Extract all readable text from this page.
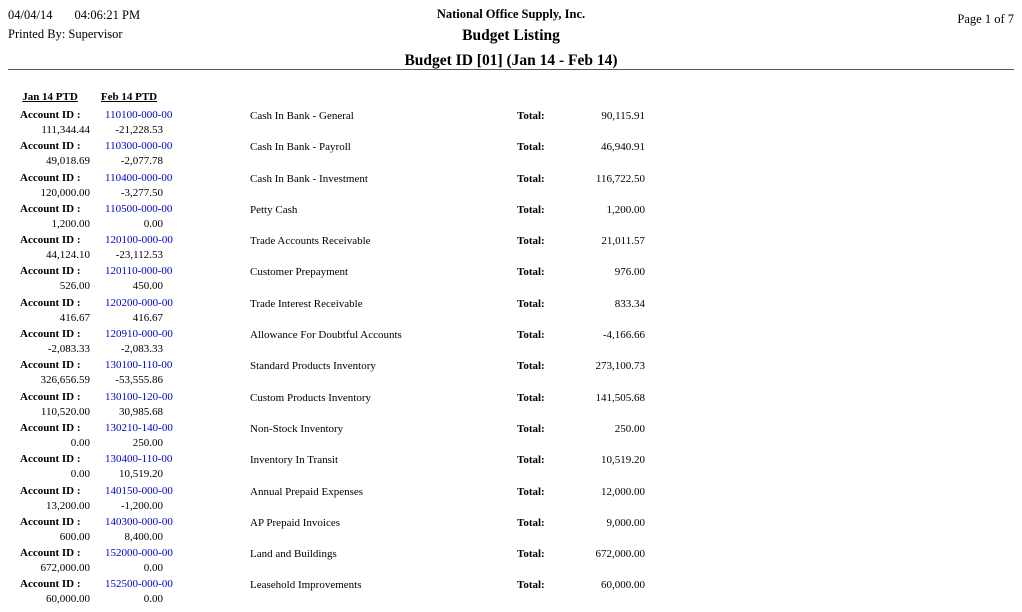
04/04/14 04:06:21 PM
Printed By: Supervisor
National Office Supply, Inc.
Budget Listing
Budget ID [01] (Jan 14 - Feb 14)
Page 1 of 7
Jan 14 PTD	Feb 14 PTD
Account ID : 110100-000-00
111,344.44	-21,228.53
Cash In Bank - General	Total:	90,115.91
Account ID : 110300-000-00
49,018.69	-2,077.78
Cash In Bank - Payroll	Total:	46,940.91
Account ID : 110400-000-00
120,000.00	-3,277.50
Cash In Bank - Investment	Total:	116,722.50
Account ID : 110500-000-00
1,200.00	0.00
Petty Cash	Total:	1,200.00
Account ID : 120100-000-00
44,124.10	-23,112.53
Trade Accounts Receivable	Total:	21,011.57
Account ID : 120110-000-00
526.00	450.00
Customer Prepayment	Total:	976.00
Account ID : 120200-000-00
416.67	416.67
Trade Interest Receivable	Total:	833.34
Account ID : 120910-000-00
-2,083.33	-2,083.33
Allowance For Doubtful Accounts	Total:	-4,166.66
Account ID : 130100-110-00
326,656.59	-53,555.86
Standard Products Inventory	Total:	273,100.73
Account ID : 130100-120-00
110,520.00	30,985.68
Custom Products Inventory	Total:	141,505.68
Account ID : 130210-140-00
0.00	250.00
Non-Stock Inventory	Total:	250.00
Account ID : 130400-110-00
0.00	10,519.20
Inventory In Transit	Total:	10,519.20
Account ID : 140150-000-00
13,200.00	-1,200.00
Annual Prepaid Expenses	Total:	12,000.00
Account ID : 140300-000-00
600.00	8,400.00
AP Prepaid Invoices	Total:	9,000.00
Account ID : 152000-000-00
672,000.00	0.00
Land and Buildings	Total:	672,000.00
Account ID : 152500-000-00
60,000.00	0.00
Leasehold Improvements	Total:	60,000.00
